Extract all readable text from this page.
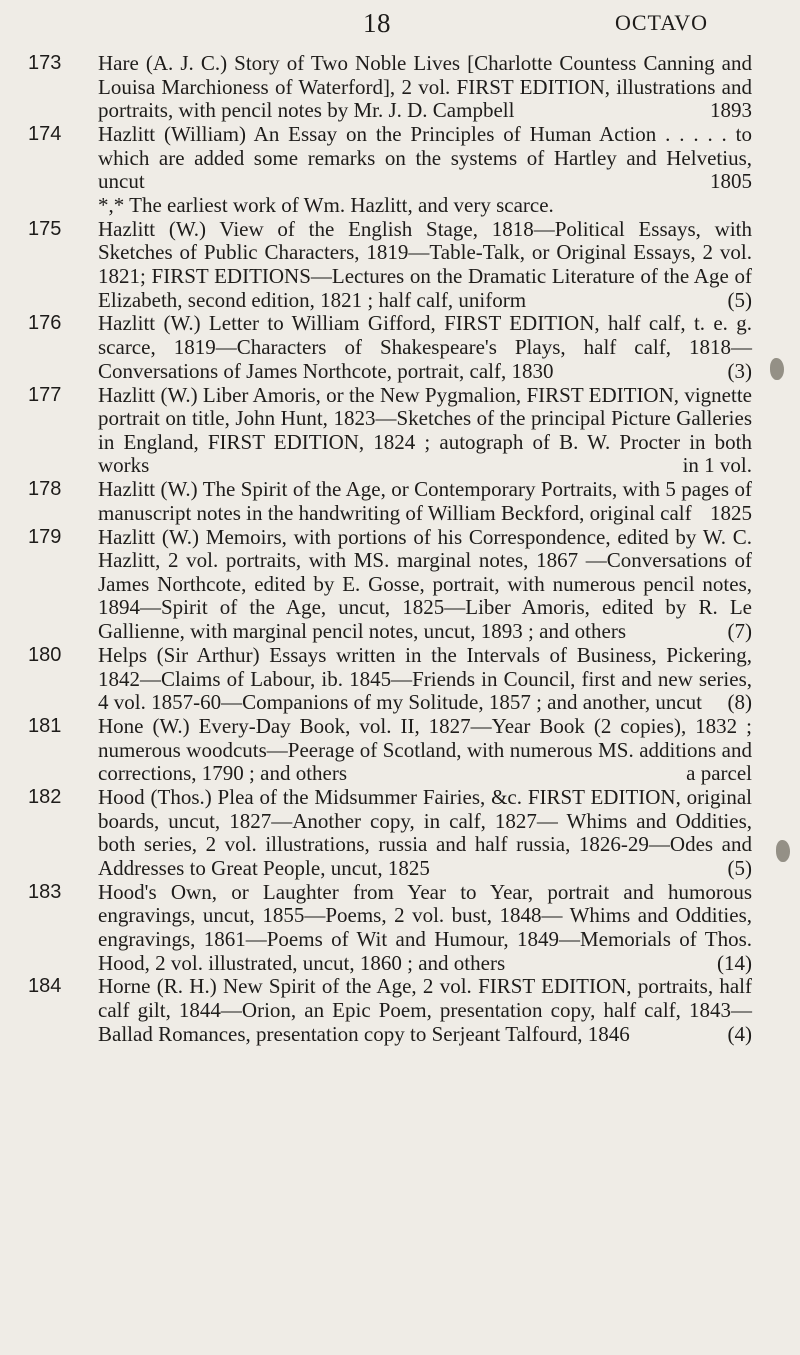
18	OCTAVO
173	Hare (A. J. C.) Story of Two Noble Lives [Charlotte Countess Canning and Louisa Marchioness of Waterford], 2 vol. FIRST EDITION, illustrations and portraits, with pencil notes by Mr. J. D. Campbell	1893
174	Hazlitt (William) An Essay on the Principles of Human Action . . . . . to which are added some remarks on the systems of Hartley and Helvetius, uncut	1805
*,* The earliest work of Wm. Hazlitt, and very scarce.
175	Hazlitt (W.) View of the English Stage, 1818—Political Essays, with Sketches of Public Characters, 1819—Table-Talk, or Original Essays, 2 vol. 1821; FIRST EDITIONS—Lectures on the Dramatic Literature of the Age of Elizabeth, second edition, 1821 ; half calf, uniform	(5)
176	Hazlitt (W.) Letter to William Gifford, FIRST EDITION, half calf, t. e. g. scarce, 1819—Characters of Shakespeare's Plays, half calf, 1818—Conversations of James Northcote, portrait, calf, 1830	(3)
177	Hazlitt (W.) Liber Amoris, or the New Pygmalion, FIRST EDITION, vignette portrait on title, John Hunt, 1823—Sketches of the principal Picture Galleries in England, FIRST EDITION, 1824 ; autograph of B. W. Procter in both works	in 1 vol.
178	Hazlitt (W.) The Spirit of the Age, or Contemporary Portraits, with 5 pages of manuscript notes in the handwriting of William Beckford, original calf 1825
179	Hazlitt (W.) Memoirs, with portions of his Correspondence, edited by W. C. Hazlitt, 2 vol. portraits, with MS. marginal notes, 1867 —Conversations of James Northcote, edited by E. Gosse, portrait, with numerous pencil notes, 1894—Spirit of the Age, uncut, 1825—Liber Amoris, edited by R. Le Gallienne, with marginal pencil notes, uncut, 1893 ; and others	(7)
180	Helps (Sir Arthur) Essays written in the Intervals of Business, Pickering, 1842—Claims of Labour, ib. 1845—Friends in Council, first and new series, 4 vol. 1857-60—Companions of my Solitude, 1857 ; and another, uncut	(8)
181	Hone (W.) Every-Day Book, vol. II, 1827—Year Book (2 copies), 1832 ; numerous woodcuts—Peerage of Scotland, with numerous MS. additions and corrections, 1790 ; and others	a parcel
182	Hood (Thos.) Plea of the Midsummer Fairies, &c. FIRST EDITION, original boards, uncut, 1827—Another copy, in calf, 1827— Whims and Oddities, both series, 2 vol. illustrations, russia and half russia, 1826-29—Odes and Addresses to Great People, uncut, 1825	(5)
183	Hood's Own, or Laughter from Year to Year, portrait and humorous engravings, uncut, 1855—Poems, 2 vol. bust, 1848— Whims and Oddities, engravings, 1861—Poems of Wit and Humour, 1849—Memorials of Thos. Hood, 2 vol. illustrated, uncut, 1860 ; and others	(14)
184	Horne (R. H.) New Spirit of the Age, 2 vol. FIRST EDITION, portraits, half calf gilt, 1844—Orion, an Epic Poem, presentation copy, half calf, 1843—Ballad Romances, presentation copy to Serjeant Talfourd, 1846	(4)
